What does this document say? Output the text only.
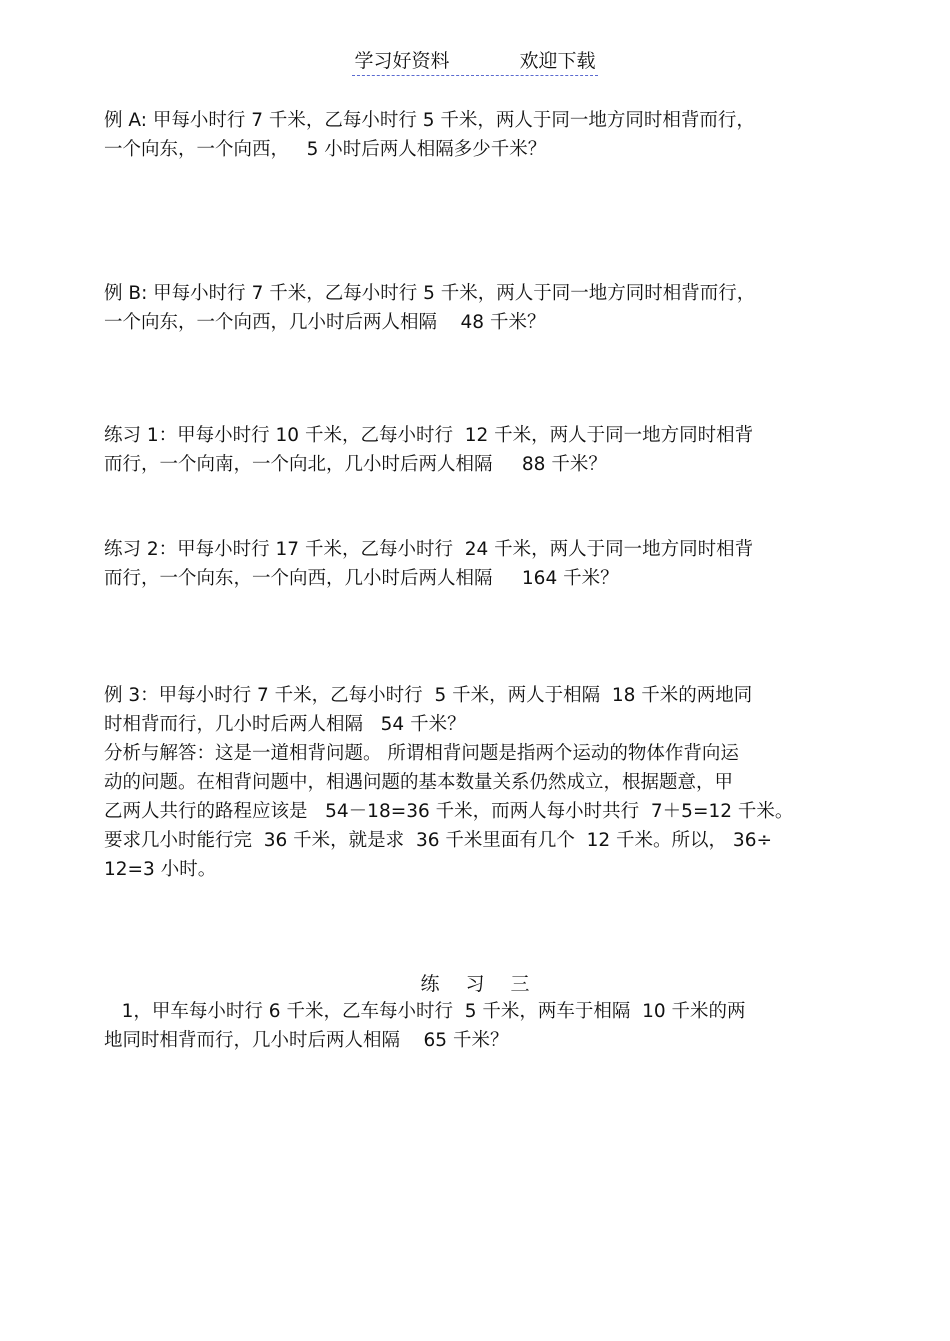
学习好资料	欢迎下载
例 A: 甲每小时行 7 千米，乙每小时行 5 千米，两人于同一地方同时相背而行，
一个向东，一个向西，   5 小时后两人相隔多少千米？
例 B: 甲每小时行 7 千米，乙每小时行 5 千米，两人于同一地方同时相背而行，
一个向东，一个向西，几小时后两人相隔    48 千米？
练习 1：甲每小时行 10 千米，乙每小时行  12 千米，两人于同一地方同时相背
而行，一个向南，一个向北，几小时后两人相隔     88 千米？
练习 2：甲每小时行 17 千米，乙每小时行  24 千米，两人于同一地方同时相背
而行，一个向东，一个向西，几小时后两人相隔     164 千米？
例 3：甲每小时行 7 千米，乙每小时行  5 千米，两人于相隔  18 千米的两地同
时相背而行，几小时后两人相隔   54 千米？
分析与解答：这是一道相背问题。 所谓相背问题是指两个运动的物体作背向运
动的问题。在相背问题中，相遇问题的基本数量关系仍然成立，根据题意，甲
乙两人共行的路程应该是   54－18=36 千米，而两人每小时共行  7＋5=12 千米。
要求几小时能行完  36 千米，就是求  36 千米里面有几个  12 千米。所以， 36÷
12=3 小时。
练习三
1，甲车每小时行 6 千米，乙车每小时行  5 千米，两车于相隔  10 千米的两
地同时相背而行，几小时后两人相隔    65 千米？
